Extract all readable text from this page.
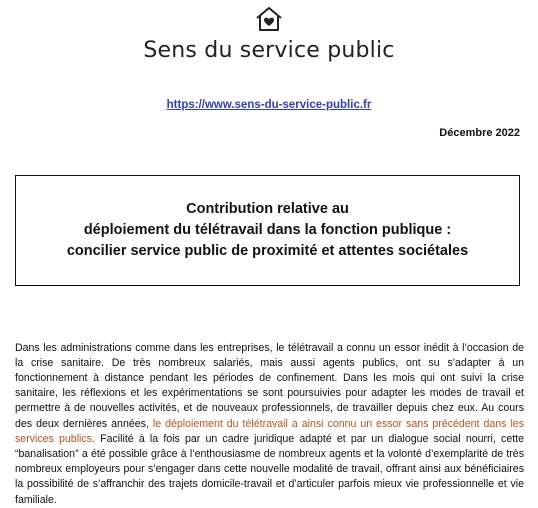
Sens du service public
https://www.sens-du-service-public.fr
Décembre 2022
Contribution relative au
déploiement du télétravail dans la fonction publique :
concilier service public de proximité et attentes sociétales

Dans les administrations comme dans les entreprises, le télétravail a connu un essor inédit à l’occasion de la crise sanitaire. De très nombreux salariés, mais aussi agents publics, ont su s’adapter à un fonctionnement à distance pendant les périodes de confinement. Dans les mois qui ont suivi la crise sanitaire, les réflexions et les expérimentations se sont poursuivies pour adapter les modes de travail et permettre à de nouvelles activités, et de nouveaux professionnels, de travailler depuis chez eux. Au cours des deux dernières années, le déploiement du télétravail a ainsi connu un essor sans précédent dans les services publics. Facilité à la fois par un cadre juridique adapté et par un dialogue social nourri, cette “banalisation” a été possible grâce à l’enthousiasme de nombreux agents et la volonté d’exemplarité de très nombreux employeurs pour s’engager dans cette nouvelle modalité de travail, offrant ainsi aux bénéficiaires la possibilité de s’affranchir des trajets domicile-travail et d’articuler parfois mieux vie professionnelle et vie familiale.
